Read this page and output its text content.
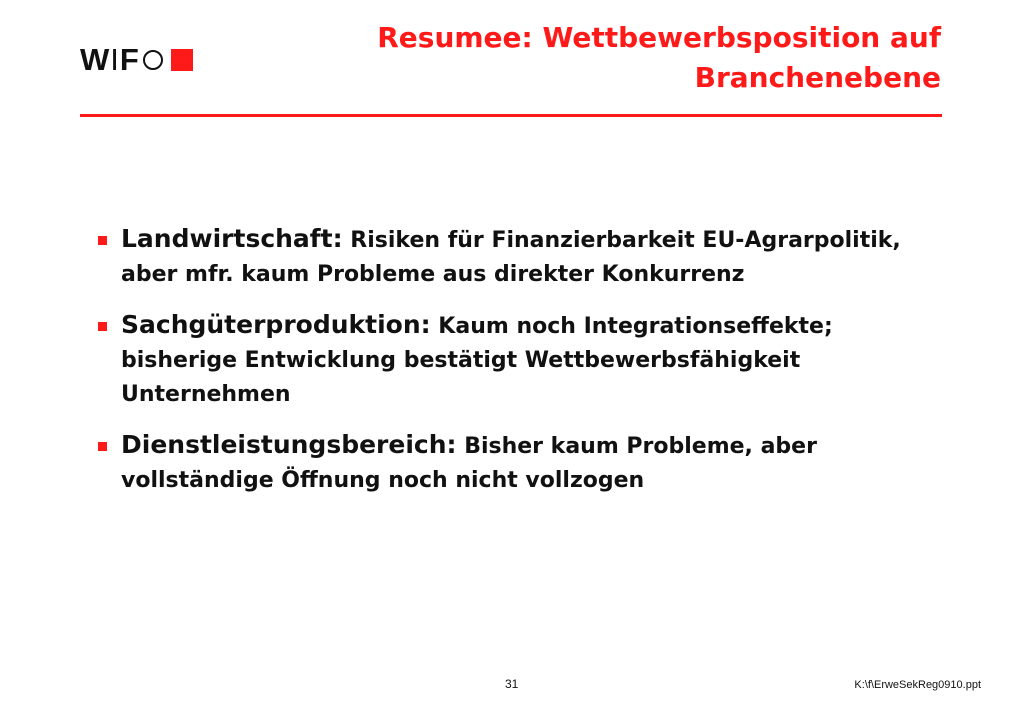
W I F
Resumee: Wettbewerbsposition auf
Branchenebene
Landwirtschaft: Risiken für Finanzierbarkeit EU-Agrarpolitik, aber mfr. kaum Probleme aus direkter Konkurrenz
Sachgüterproduktion: Kaum noch Integrationseffekte; bisherige Entwicklung bestätigt Wettbewerbsfähigkeit Unternehmen
Dienstleistungsbereich: Bisher kaum Probleme, aber vollständige Öffnung noch nicht vollzogen
31	K:\f\ErweSekReg0910.ppt
